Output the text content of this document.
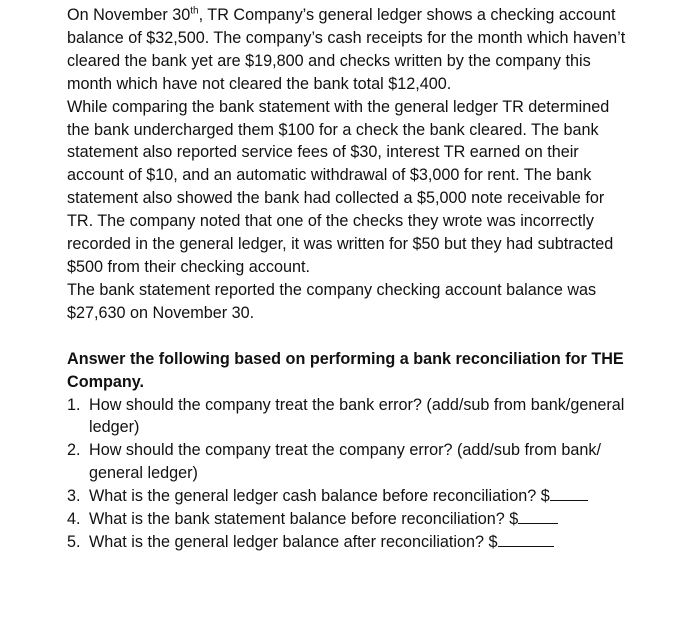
On November 30th, TR Company’s general ledger shows a checking account balance of $32,500. The company’s cash receipts for the month which haven’t cleared the bank yet are $19,800 and checks written by the company this month which have not cleared the bank total $12,400.

While comparing the bank statement with the general ledger TR determined the bank undercharged them $100 for a check the bank cleared. The bank statement also reported service fees of $30, interest TR earned on their account of $10, and an automatic withdrawal of $3,000 for rent. The bank statement also showed the bank had collected a $5,000 note receivable for TR. The company noted that one of the checks they wrote was incorrectly recorded in the general ledger, it was written for $50 but they had subtracted $500 from their checking account.

The bank statement reported the company checking account balance was $27,630 on November 30.

Answer the following based on performing a bank reconciliation for THE Company.

1. How should the company treat the bank error? (add/sub from bank/general ledger)
2. How should the company treat the company error? (add/sub from bank/ general ledger)
3. What is the general ledger cash balance before reconciliation? $
4. What is the bank statement balance before reconciliation? $
5. What is the general ledger balance after reconciliation? $
